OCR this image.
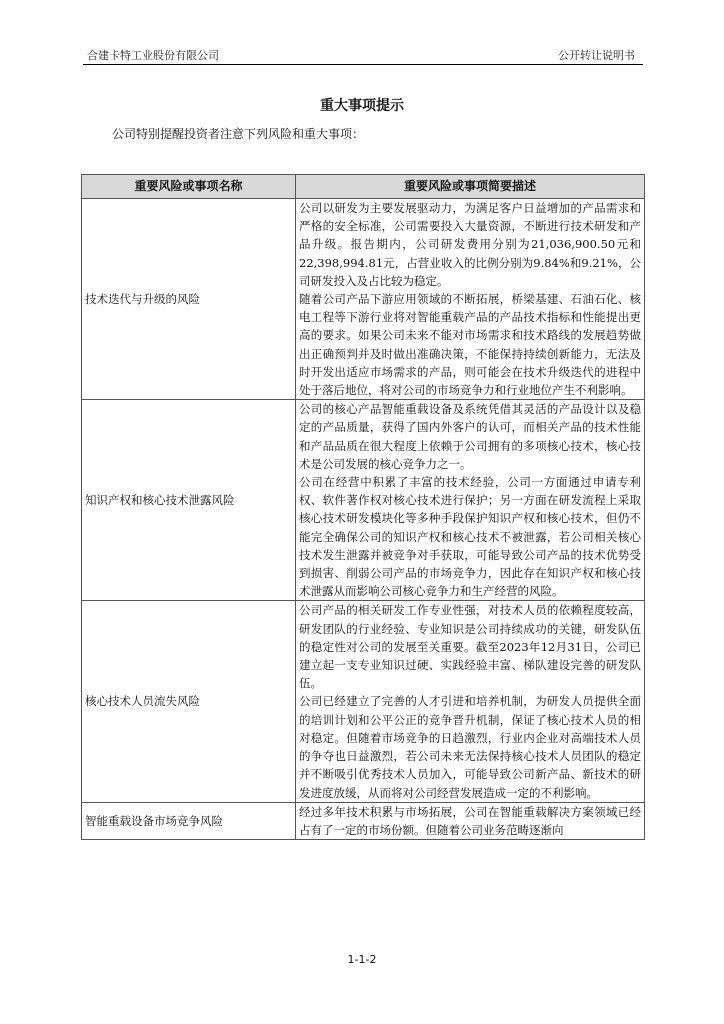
合建卡特工业股份有限公司	公开转让说明书
重大事项提示
公司特别提醒投资者注意下列风险和重大事项：
重要风险或事项名称	重要风险或事项简要描述
技术迭代与升级的风险	公司以研发为主要发展驱动力，为满足客户日益增加的产品需求和严格的安全标准，公司需要投入大量资源，不断进行技术研发和产品升级。报告期内，公司研发费用分别为21,036,900.50元和22,398,994.81元，占营业收入的比例分别为9.84%和9.21%，公司研发投入及占比较为稳定。

随着公司产品下游应用领域的不断拓展，桥梁基建、石油石化、核电工程等下游行业将对智能重载产品的产品技术指标和性能提出更高的要求。如果公司未来不能对市场需求和技术路线的发展趋势做出正确预判并及时做出准确决策，不能保持持续创新能力，无法及时开发出适应市场需求的产品，则可能会在技术升级迭代的进程中处于落后地位，将对公司的市场竞争力和行业地位产生不利影响。

知识产权和核心技术泄露风险	公司的核心产品智能重载设备及系统凭借其灵活的产品设计以及稳定的产品质量，获得了国内外客户的认可，而相关产品的技术性能和产品品质在很大程度上依赖于公司拥有的多项核心技术，核心技术是公司发展的核心竞争力之一。

公司在经营中积累了丰富的技术经验，公司一方面通过申请专利权、软件著作权对核心技术进行保护；另一方面在研发流程上采取核心技术研发模块化等多种手段保护知识产权和核心技术，但仍不能完全确保公司的知识产权和核心技术不被泄露，若公司相关核心技术发生泄露并被竞争对手获取，可能导致公司产品的技术优势受到损害、削弱公司产品的市场竞争力，因此存在知识产权和核心技术泄露从而影响公司核心竞争力和生产经营的风险。

核心技术人员流失风险	公司产品的相关研发工作专业性强，对技术人员的依赖程度较高，研发团队的行业经验、专业知识是公司持续成功的关键，研发队伍的稳定性对公司的发展至关重要。截至2023年12月31日，公司已建立起一支专业知识过硬、实践经验丰富、梯队建设完善的研发队伍。

公司已经建立了完善的人才引进和培养机制，为研发人员提供全面的培训计划和公平公正的竞争晋升机制，保证了核心技术人员的相对稳定。但随着市场竞争的日趋激烈，行业内企业对高端技术人员的争夺也日益激烈，若公司未来无法保持核心技术人员团队的稳定并不断吸引优秀技术人员加入，可能导致公司新产品、新技术的研发进度放缓，从而将对公司经营发展造成一定的不利影响。

智能重载设备市场竞争风险	经过多年技术积累与市场拓展，公司在智能重载解决方案领域已经占有了一定的市场份额。但随着公司业务范畴逐渐向

1-1-2
